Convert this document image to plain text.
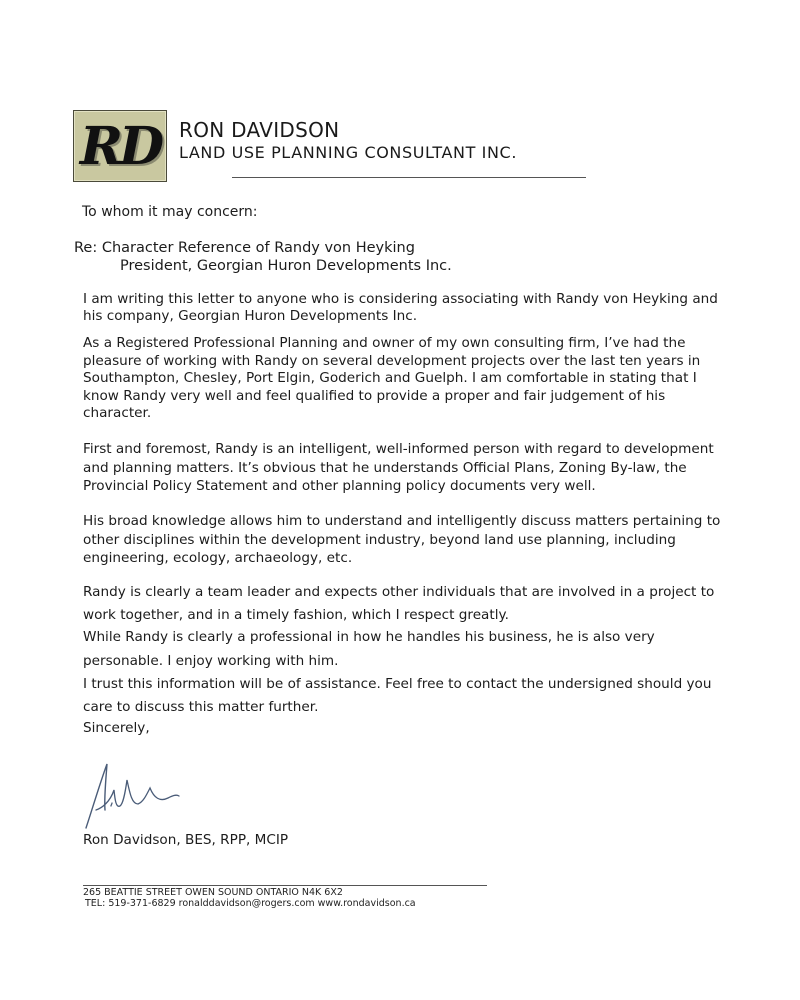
RD RON DAVIDSON
LAND USE PLANNING CONSULTANT INC.
To whom it may concern:
Re: Character Reference of Randy von Heyking
President, Georgian Huron Developments Inc.

I am writing this letter to anyone who is considering associating with Randy von Heyking and his company, Georgian Huron Developments Inc.

As a Registered Professional Planning and owner of my own consulting firm, I’ve had the pleasure of working with Randy on several development projects over the last ten years in Southampton, Chesley, Port Elgin, Goderich and Guelph. I am comfortable in stating that I know Randy very well and feel qualified to provide a proper and fair judgement of his character.

First and foremost, Randy is an intelligent, well-informed person with regard to development and planning matters. It’s obvious that he understands Official Plans, Zoning By-law, the Provincial Policy Statement and other planning policy documents very well.

His broad knowledge allows him to understand and intelligently discuss matters pertaining to other disciplines within the development industry, beyond land use planning, including engineering, ecology, archaeology, etc.

Randy is clearly a team leader and expects other individuals that are involved in a project to
work together, and in a timely fashion, which I respect greatly.
While Randy is clearly a professional in how he handles his business, he is also very
personable. I enjoy working with him.
I trust this information will be of assistance. Feel free to contact the undersigned should you
care to discuss this matter further.
Sincerely,
Ron Davidson, BES, RPP, MCIP
265 BEATTIE STREET OWEN SOUND ONTARIO N4K 6X2
TEL: 519-371-6829 ronalddavidson@rogers.com www.rondavidson.ca
